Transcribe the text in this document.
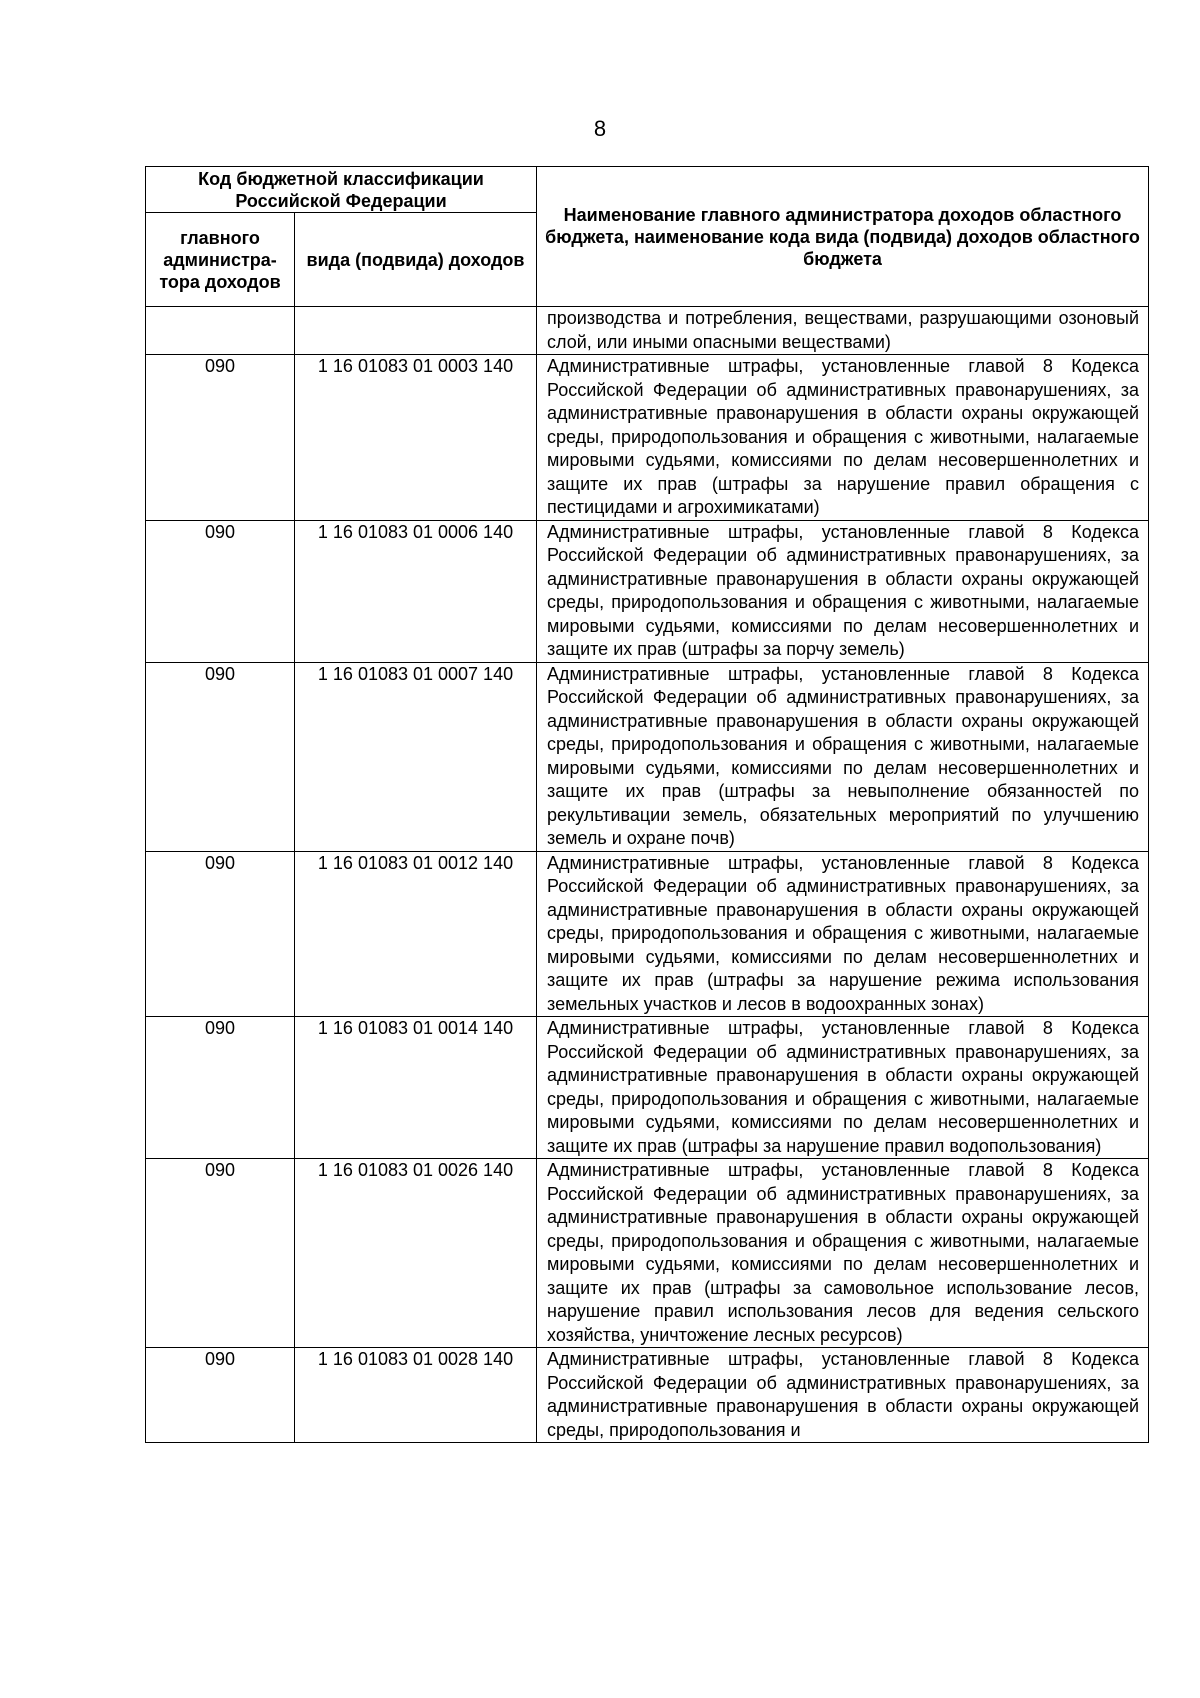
8
Код бюджетной классификации Российской Федерации		Наименование главного администратора доходов областного бюджета, наименование кода вида (подвида) доходов областного бюджета
главного администра-тора доходов	вида (подвида) доходов	
		производства и потребления, веществами, разрушающими озоновый слой, или иными опасными веществами)
090	1 16 01083 01 0003 140	Административные штрафы, установленные главой 8 Кодекса Российской Федерации об административных правонарушениях, за административные правонарушения в области охраны окружающей среды, природопользования и обращения с животными, налагаемые мировыми судьями, комиссиями по делам несовершеннолетних и защите их прав (штрафы за нарушение правил обращения с пестицидами и агрохимикатами)
090	1 16 01083 01 0006 140	Административные штрафы, установленные главой 8 Кодекса Российской Федерации об административных правонарушениях, за административные правонарушения в области охраны окружающей среды, природопользования и обращения с животными, налагаемые мировыми судьями, комиссиями по делам несовершеннолетних и защите их прав (штрафы за порчу земель)
090	1 16 01083 01 0007 140	Административные штрафы, установленные главой 8 Кодекса Российской Федерации об административных правонарушениях, за административные правонарушения в области охраны окружающей среды, природопользования и обращения с животными, налагаемые мировыми судьями, комиссиями по делам несовершеннолетних и защите их прав (штрафы за невыполнение обязанностей по рекультивации земель, обязательных мероприятий по улучшению земель и охране почв)
090	1 16 01083 01 0012 140	Административные штрафы, установленные главой 8 Кодекса Российской Федерации об административных правонарушениях, за административные правонарушения в области охраны окружающей среды, природопользования и обращения с животными, налагаемые мировыми судьями, комиссиями по делам несовершеннолетних и защите их прав (штрафы за нарушение режима использования земельных участков и лесов в водоохранных зонах)
090	1 16 01083 01 0014 140	Административные штрафы, установленные главой 8 Кодекса Российской Федерации об административных правонарушениях, за административные правонарушения в области охраны окружающей среды, природопользования и обращения с животными, налагаемые мировыми судьями, комиссиями по делам несовершеннолетних и защите их прав (штрафы за нарушение правил водопользования)
090	1 16 01083 01 0026 140	Административные штрафы, установленные главой 8 Кодекса Российской Федерации об административных правонарушениях, за административные правонарушения в области охраны окружающей среды, природопользования и обращения с животными, налагаемые мировыми судьями, комиссиями по делам несовершеннолетних и защите их прав (штрафы за самовольное использование лесов, нарушение правил использования лесов для ведения сельского хозяйства, уничтожение лесных ресурсов)
090	1 16 01083 01 0028 140	Административные штрафы, установленные главой 8 Кодекса Российской Федерации об административных правонарушениях, за административные правонарушения в области охраны окружающей среды, природопользования и
